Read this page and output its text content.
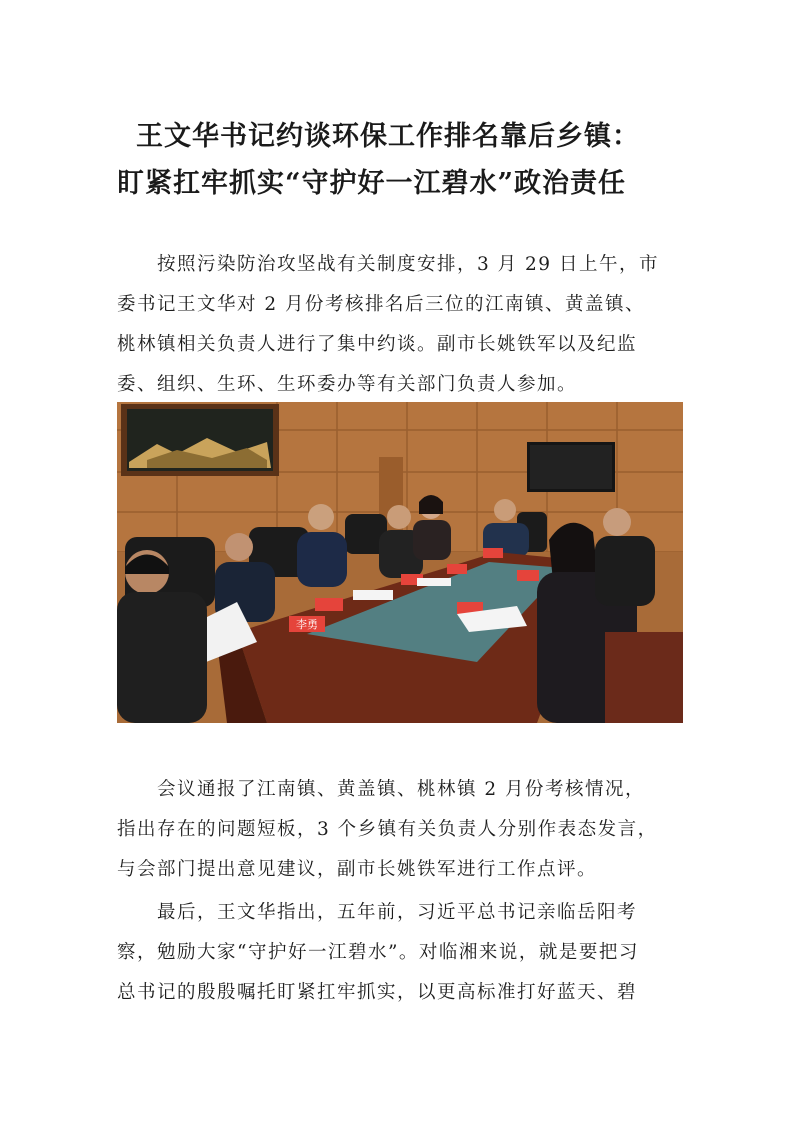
王文华书记约谈环保工作排名靠后乡镇：
盯紧扛牢抓实“守护好一江碧水”政治责任
　　按照污染防治攻坚战有关制度安排，3 月 29 日上午，市
委书记王文华对 2 月份考核排名后三位的江南镇、黄盖镇、
桃林镇相关负责人进行了集中约谈。副市长姚铁军以及纪监
委、组织、生环、生环委办等有关部门负责人参加。
李勇
　　会议通报了江南镇、黄盖镇、桃林镇 2 月份考核情况，
指出存在的问题短板，3 个乡镇有关负责人分别作表态发言，
与会部门提出意见建议，副市长姚铁军进行工作点评。
　　最后，王文华指出，五年前，习近平总书记亲临岳阳考
察，勉励大家“守护好一江碧水”。对临湘来说，就是要把习
总书记的殷殷嘱托盯紧扛牢抓实，以更高标准打好蓝天、碧
